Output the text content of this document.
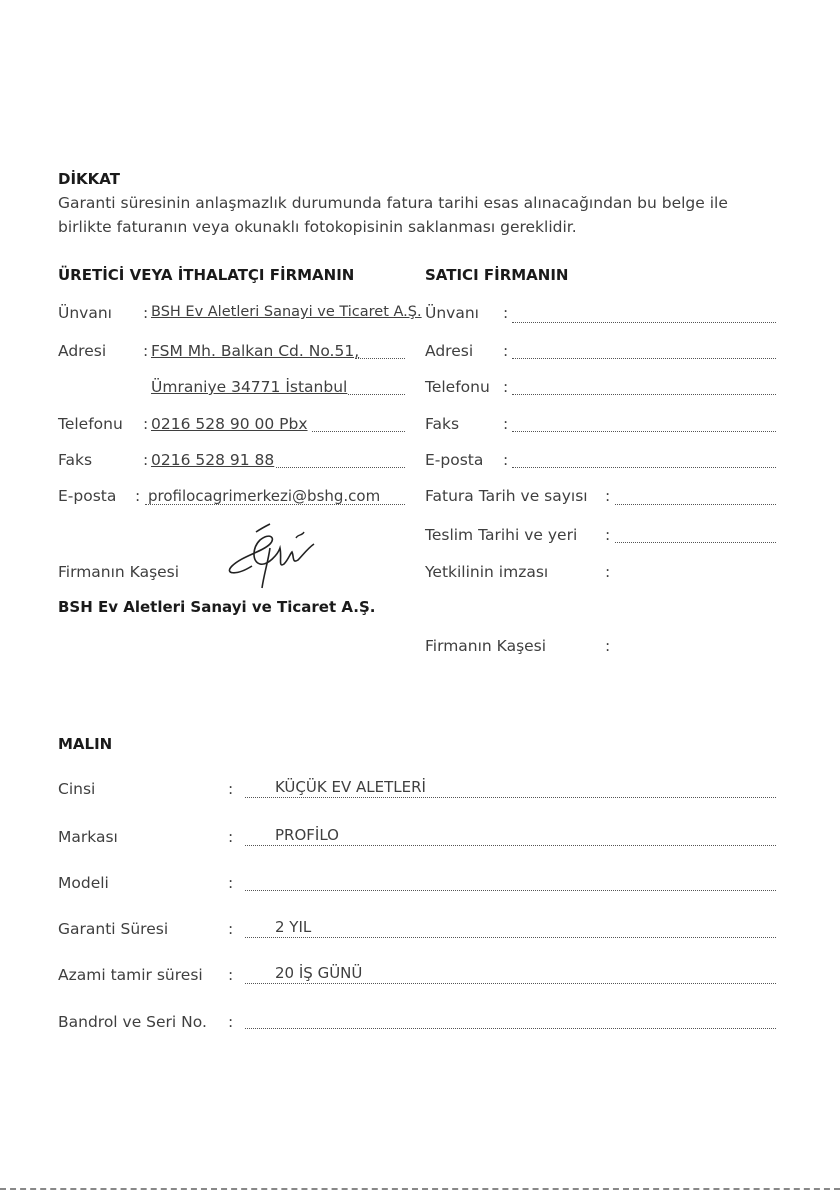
DİKKAT
Garanti süresinin anlaşmazlık durumunda fatura tarihi esas alınacağından bu belge ile birlikte faturanın veya okunaklı fotokopisinin saklanması gereklidir.
ÜRETİCİ VEYA İTHALATÇI FİRMANIN
Ünvanı : BSH Ev Aletleri Sanayi ve Ticaret A.Ş.
Adresi : FSM Mh. Balkan Cd. No.51,
Ümraniye 34771 İstanbul
Telefonu : 0216 528 90 00 Pbx
Faks	: 0216 528 91 88
E-posta : profilocagrimerkezi@bshg.com
Firmanın Kaşesi
BSH Ev Aletleri Sanayi ve Ticaret A.Ş.
SATICI FİRMANIN
Ünvanı :
Adresi :
Telefonu :
Faks	:
E-posta :
Fatura Tarih ve sayısı :
Teslim Tarihi ve yeri :
Yetkilinin imzası	:
Firmanın Kaşesi	:
MALIN
Cinsi	:	KÜÇÜK EV ALETLERİ
Markası	:	PROFİLO
Modeli	:
Garanti Süresi	:	2 YIL
Azami tamir süresi :	20 İŞ GÜNÜ
Bandrol ve Seri No. :
